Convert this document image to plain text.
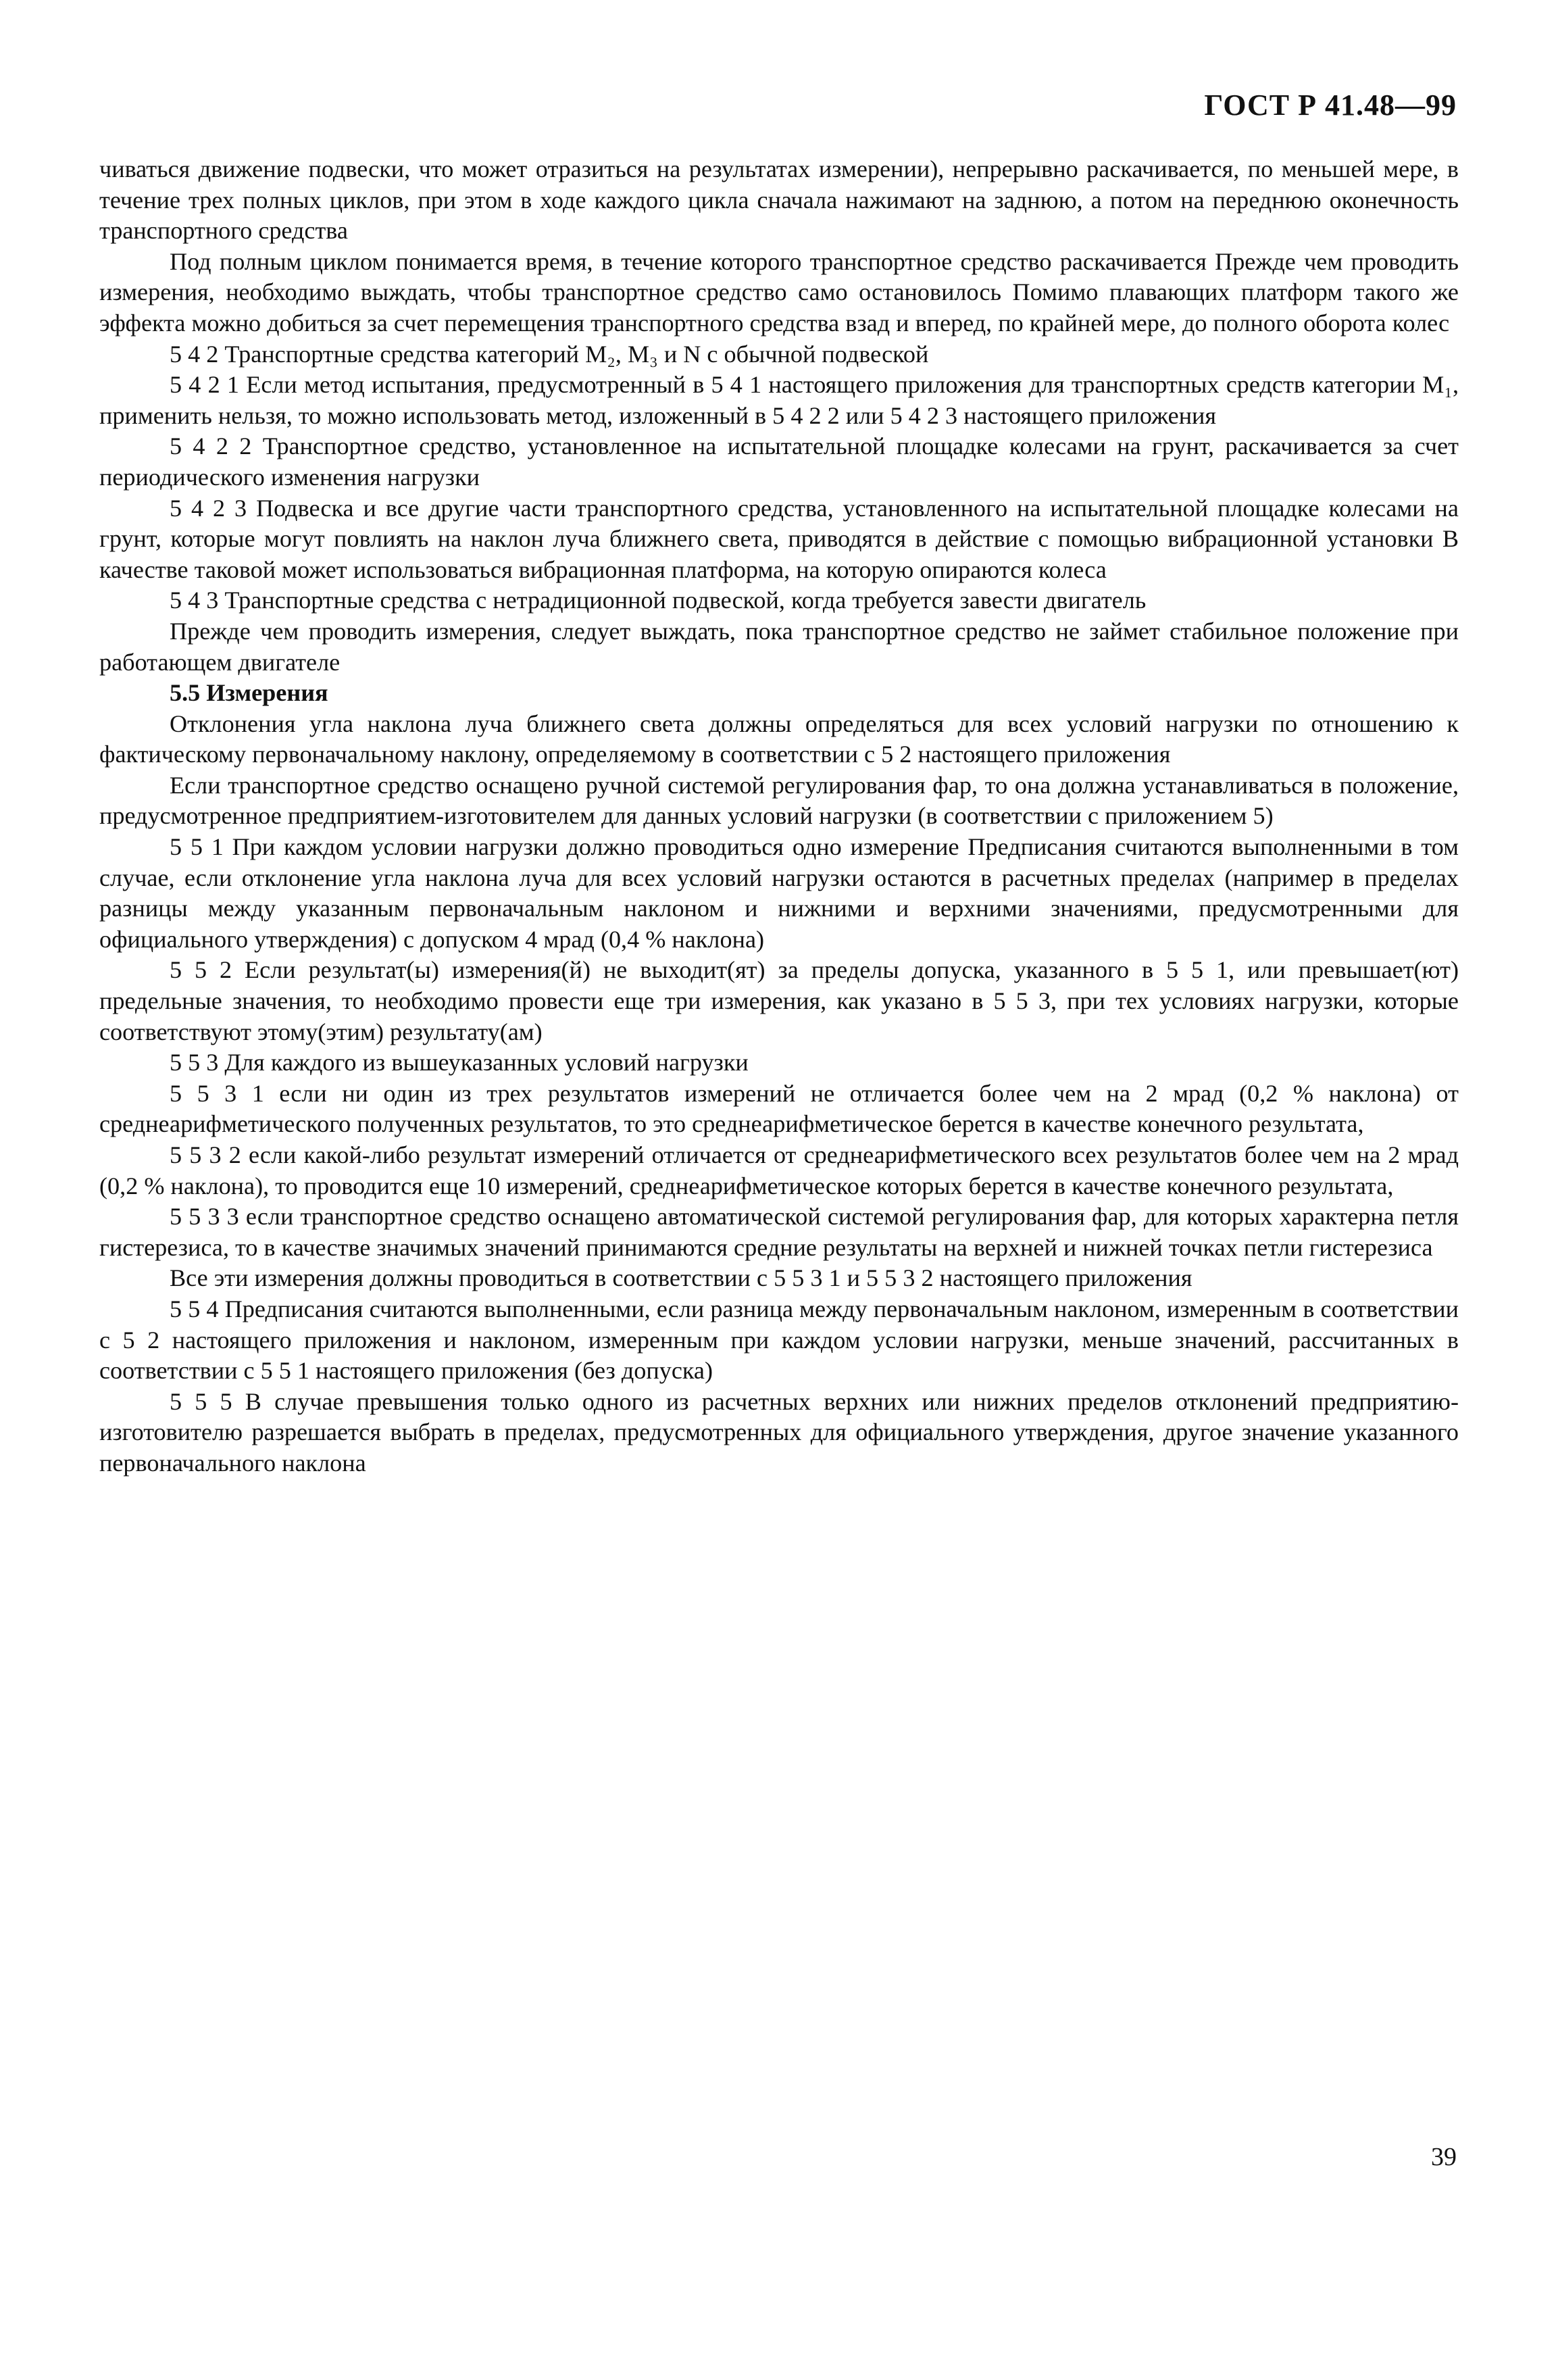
ГОСТ Р 41.48—99

чиваться движение подвески, что может отразиться на результатах измерении), непрерывно раскачивается, по меньшей мере, в течение трех полных циклов, при этом в ходе каждого цикла сначала нажимают на заднюю, а потом на переднюю оконечность транспортного средства

Под полным циклом понимается время, в течение которого транспортное средство раскачивается Прежде чем проводить измерения, необходимо выждать, чтобы транспортное средство само остановилось Помимо плавающих платформ такого же эффекта можно добиться за счет перемещения транспортного средства взад и вперед, по крайней мере, до полного оборота колес

5 4 2 Транспортные средства категорий М₂, М₃ и N с обычной подвеской

5 4 2 1 Если метод испытания, предусмотренный в 5 4 1 настоящего приложения для транспортных средств категории М₁, применить нельзя, то можно использовать метод, изложенный в 5 4 2 2 или 5 4 2 3 настоящего приложения

5 4 2 2 Транспортное средство, установленное на испытательной площадке колесами на грунт, раскачивается за счет периодического изменения нагрузки

5 4 2 3 Подвеска и все другие части транспортного средства, установленного на испытательной площадке колесами на грунт, которые могут повлиять на наклон луча ближнего света, приводятся в действие с помощью вибрационной установки В качестве таковой может использоваться вибрационная платформа, на которую опираются колеса

5 4 3 Транспортные средства с нетрадиционной подвеской, когда требуется завести двигатель

Прежде чем проводить измерения, следует выждать, пока транспортное средство не займет стабильное положение при работающем двигателе

5.5 Измерения

Отклонения угла наклона луча ближнего света должны определяться для всех условий нагрузки по отношению к фактическому первоначальному наклону, определяемому в соответствии с 5 2 настоящего приложения

Если транспортное средство оснащено ручной системой регулирования фар, то она должна устанавливаться в положение, предусмотренное предприятием-изготовителем для данных условий нагрузки (в соответствии с приложением 5)

5 5 1 При каждом условии нагрузки должно проводиться одно измерение Предписания считаются выполненными в том случае, если отклонение угла наклона луча для всех условий нагрузки остаются в расчетных пределах (например в пределах разницы между указанным первоначальным наклоном и нижними и верхними значениями, предусмотренными для официального утверждения) с допуском 4 мрад (0,4 % наклона)

5 5 2 Если результат(ы) измерения(й) не выходит(ят) за пределы допуска, указанного в 5 5 1, или превышает(ют) предельные значения, то необходимо провести еще три измерения, как указано в 5 5 3, при тех условиях нагрузки, которые соответствуют этому(этим) результату(ам)

5 5 3 Для каждого из вышеуказанных условий нагрузки

5 5 3 1 если ни один из трех результатов измерений не отличается более чем на 2 мрад (0,2 % наклона) от среднеарифметического полученных результатов, то это среднеарифметическое берется в качестве конечного результата,

5 5 3 2 если какой-либо результат измерений отличается от среднеарифметического всех результатов более чем на 2 мрад (0,2 % наклона), то проводится еще 10 измерений, среднеарифметическое которых берется в качестве конечного результата,

5 5 3 3 если транспортное средство оснащено автоматической системой регулирования фар, для которых характерна петля гистерезиса, то в качестве значимых значений принимаются средние результаты на верхней и нижней точках петли гистерезиса

Все эти измерения должны проводиться в соответствии с 5 5 3 1 и 5 5 3 2 настоящего приложения

5 5 4 Предписания считаются выполненными, если разница между первоначальным наклоном, измеренным в соответствии с 5 2 настоящего приложения и наклоном, измеренным при каждом условии нагрузки, меньше значений, рассчитанных в соответствии с 5 5 1 настоящего приложения (без допуска)

5 5 5 В случае превышения только одного из расчетных верхних или нижних пределов отклонений предприятию-изготовителю разрешается выбрать в пределах, предусмотренных для официального утверждения, другое значение указанного первоначального наклона

39
